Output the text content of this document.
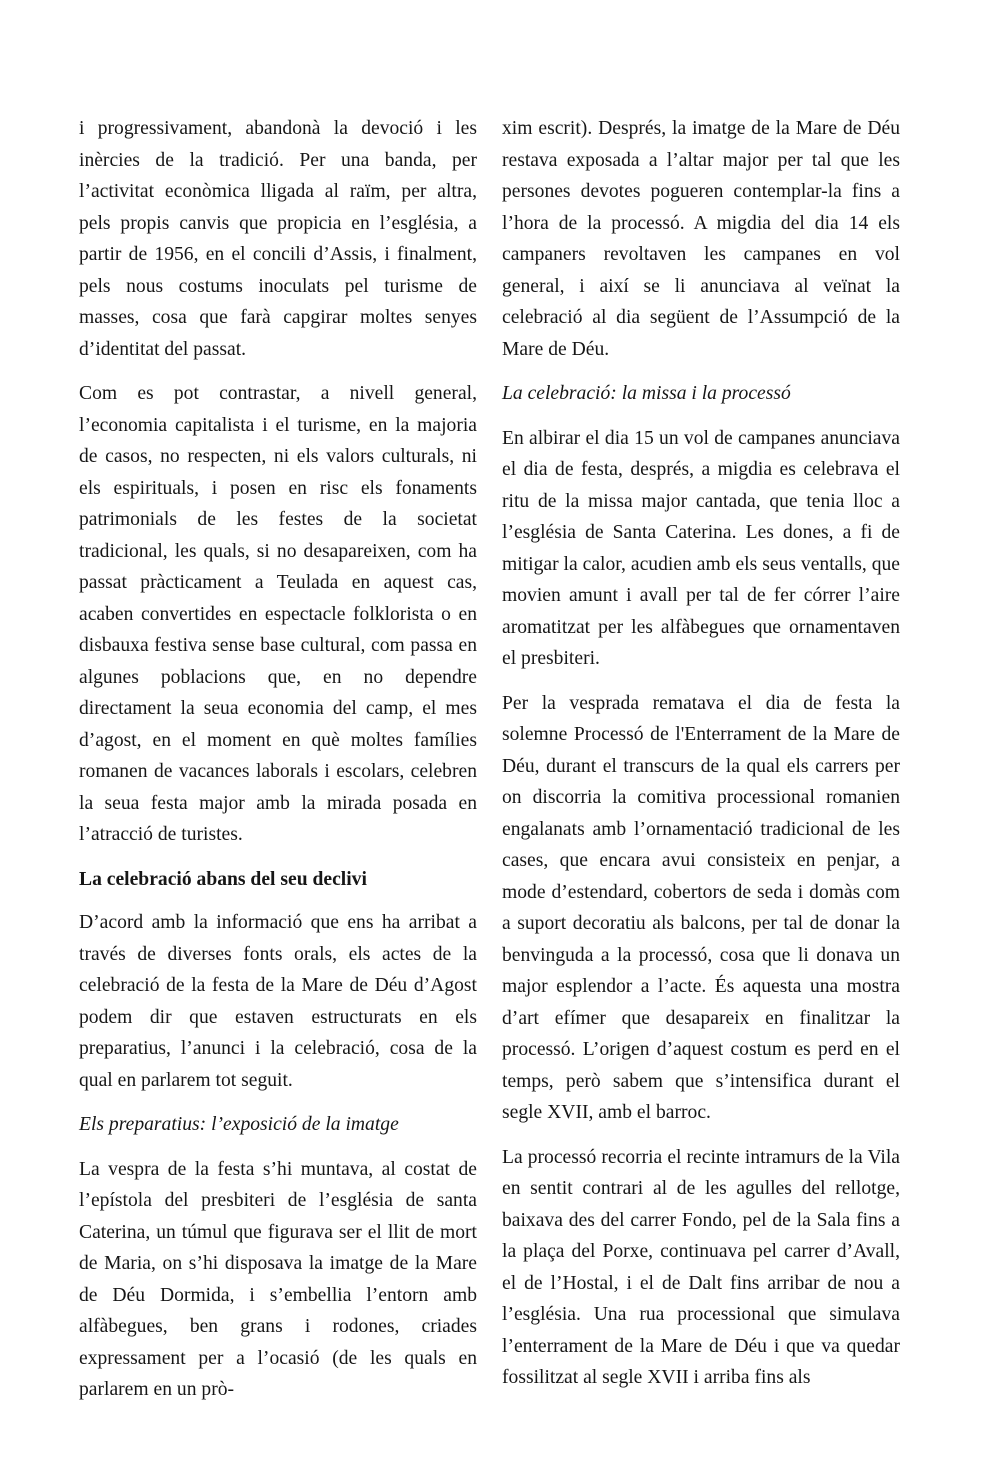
i progressivament, abandonà la devoció i les inèrcies de la tradició. Per una banda, per l’activitat econòmica lligada al raïm, per altra, pels propis canvis que propicia en l’església, a partir de 1956, en el concili d’Assis, i finalment, pels nous costums inoculats pel turisme de masses, cosa que farà capgirar moltes senyes d’identitat del passat.

Com es pot contrastar, a nivell general, l’economia capitalista i el turisme, en la majoria de casos, no respecten, ni els valors culturals, ni els espirituals, i posen en risc els fonaments patrimonials de les festes de la societat tradicional, les quals, si no desapareixen, com ha passat pràcticament a Teulada en aquest cas, acaben convertides en espectacle folklorista o en disbauxa festiva sense base cultural, com passa en algunes poblacions que, en no dependre directament la seua economia del camp, el mes d’agost, en el moment en què moltes famílies romanen de vacances laborals i escolars, celebren la seua festa major amb la mirada posada en l’atracció de turistes.

La celebració abans del seu declivi

D’acord amb la informació que ens ha arribat a través de diverses fonts orals, els actes de la celebració de la festa de la Mare de Déu d’Agost podem dir que estaven estructurats en els preparatius, l’anunci i la celebració, cosa de la qual en parlarem tot seguit.

Els preparatius: l’exposició de la imatge

La vespra de la festa s’hi muntava, al costat de l’epístola del presbiteri de l’església de santa Caterina, un túmul que figurava ser el llit de mort de Maria, on s’hi disposava la imatge de la Mare de Déu Dormida, i s’embellia l’entorn amb alfàbegues, ben grans i rodones, criades expressament per a l’ocasió (de les quals en parlarem en un prò-

xim escrit). Després, la imatge de la Mare de Déu restava exposada a l’altar major per tal que les persones devotes pogueren contemplar-la fins a l’hora de la processó. A migdia del dia 14 els campaners revoltaven les campanes en vol general, i així se li anunciava al veïnat la celebració al dia següent de l’Assumpció de la Mare de Déu.

La celebració: la missa i la processó

En albirar el dia 15 un vol de campanes anunciava el dia de festa, després, a migdia es celebrava el ritu de la missa major cantada, que tenia lloc a l’església de Santa Caterina. Les dones, a fi de mitigar la calor, acudien amb els seus ventalls, que movien amunt i avall per tal de fer córrer l’aire aromatitzat per les alfàbegues que ornamentaven el presbiteri.

Per la vesprada rematava el dia de festa la solemne Processó de l'Enterrament de la Mare de Déu, durant el transcurs de la qual els carrers per on discorria la comitiva processional romanien engalanats amb l’ornamentació tradicional de les cases, que encara avui consisteix en penjar, a mode d’estendard, cobertors de seda i domàs com a suport decoratiu als balcons, per tal de donar la benvinguda a la processó, cosa que li donava un major esplendor a l’acte. És aquesta una mostra d’art efímer que desapareix en finalitzar la processó. L’origen d’aquest costum es perd en el temps, però sabem que s’intensifica durant el segle XVII, amb el barroc.

La processó recorria el recinte intramurs de la Vila en sentit contrari al de les agulles del rellotge, baixava des del carrer Fondo, pel de la Sala fins a la plaça del Porxe, continuava pel carrer d’Avall, el de l’Hostal, i el de Dalt fins arribar de nou a l’església. Una rua processional que simulava l’enterrament de la Mare de Déu i que va quedar fossilitzat al segle XVII i arriba fins als
